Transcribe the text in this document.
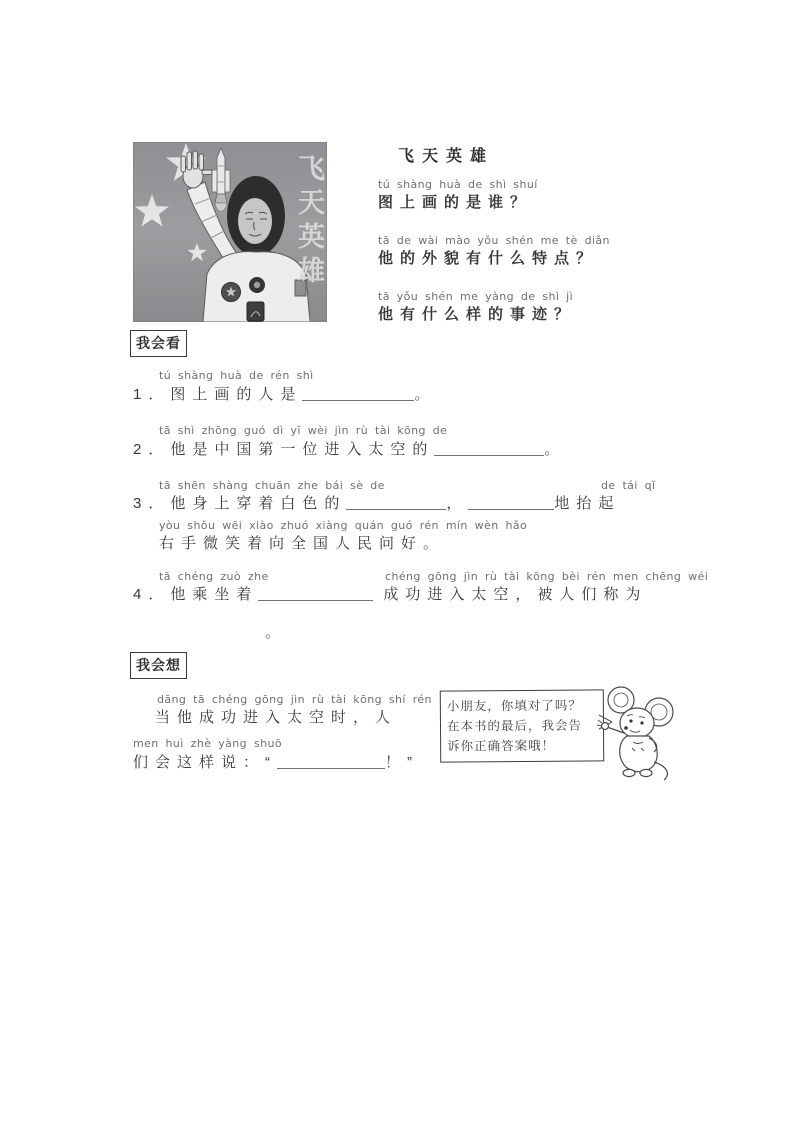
飞
天
英
雄
飞天英雄
tú shàng huà de shì shuí
图上画的是谁？
tā de wài mào yǒu shén me tè diǎn
他的外貌有什么特点？
tā yǒu shén me yàng de shì jì
他有什么样的事迹？
我会看
tú shàng huà de rén shì
1．图上画的人是	。
tā shì zhōng guó dì yī wèi jìn rù tài kōng de
2．他是中国第一位进入太空的	。
tā shēn shàng chuān zhe bái sè de	de tái qǐ
3．他身上穿着白色的	，	地抬起
yòu shǒu wēi xiào zhuó xiàng quán guó rén mín wèn hǎo
右手微笑着向全国人民问好。
tā chéng zuò zhe	chéng gōng jìn rù tài kōng bèi rén men chēng wéi
4．他乘坐着	成功进入太空，被人们称为
。
我会想
dāng tā chéng gōng jìn rù tài kōng shí rén
当他成功进入太空时，人
men huì zhè yàng shuō
们会这样说：“	！”
小朋友，你填对了吗？
在本书的最后，我会告
诉你正确答案哦！
